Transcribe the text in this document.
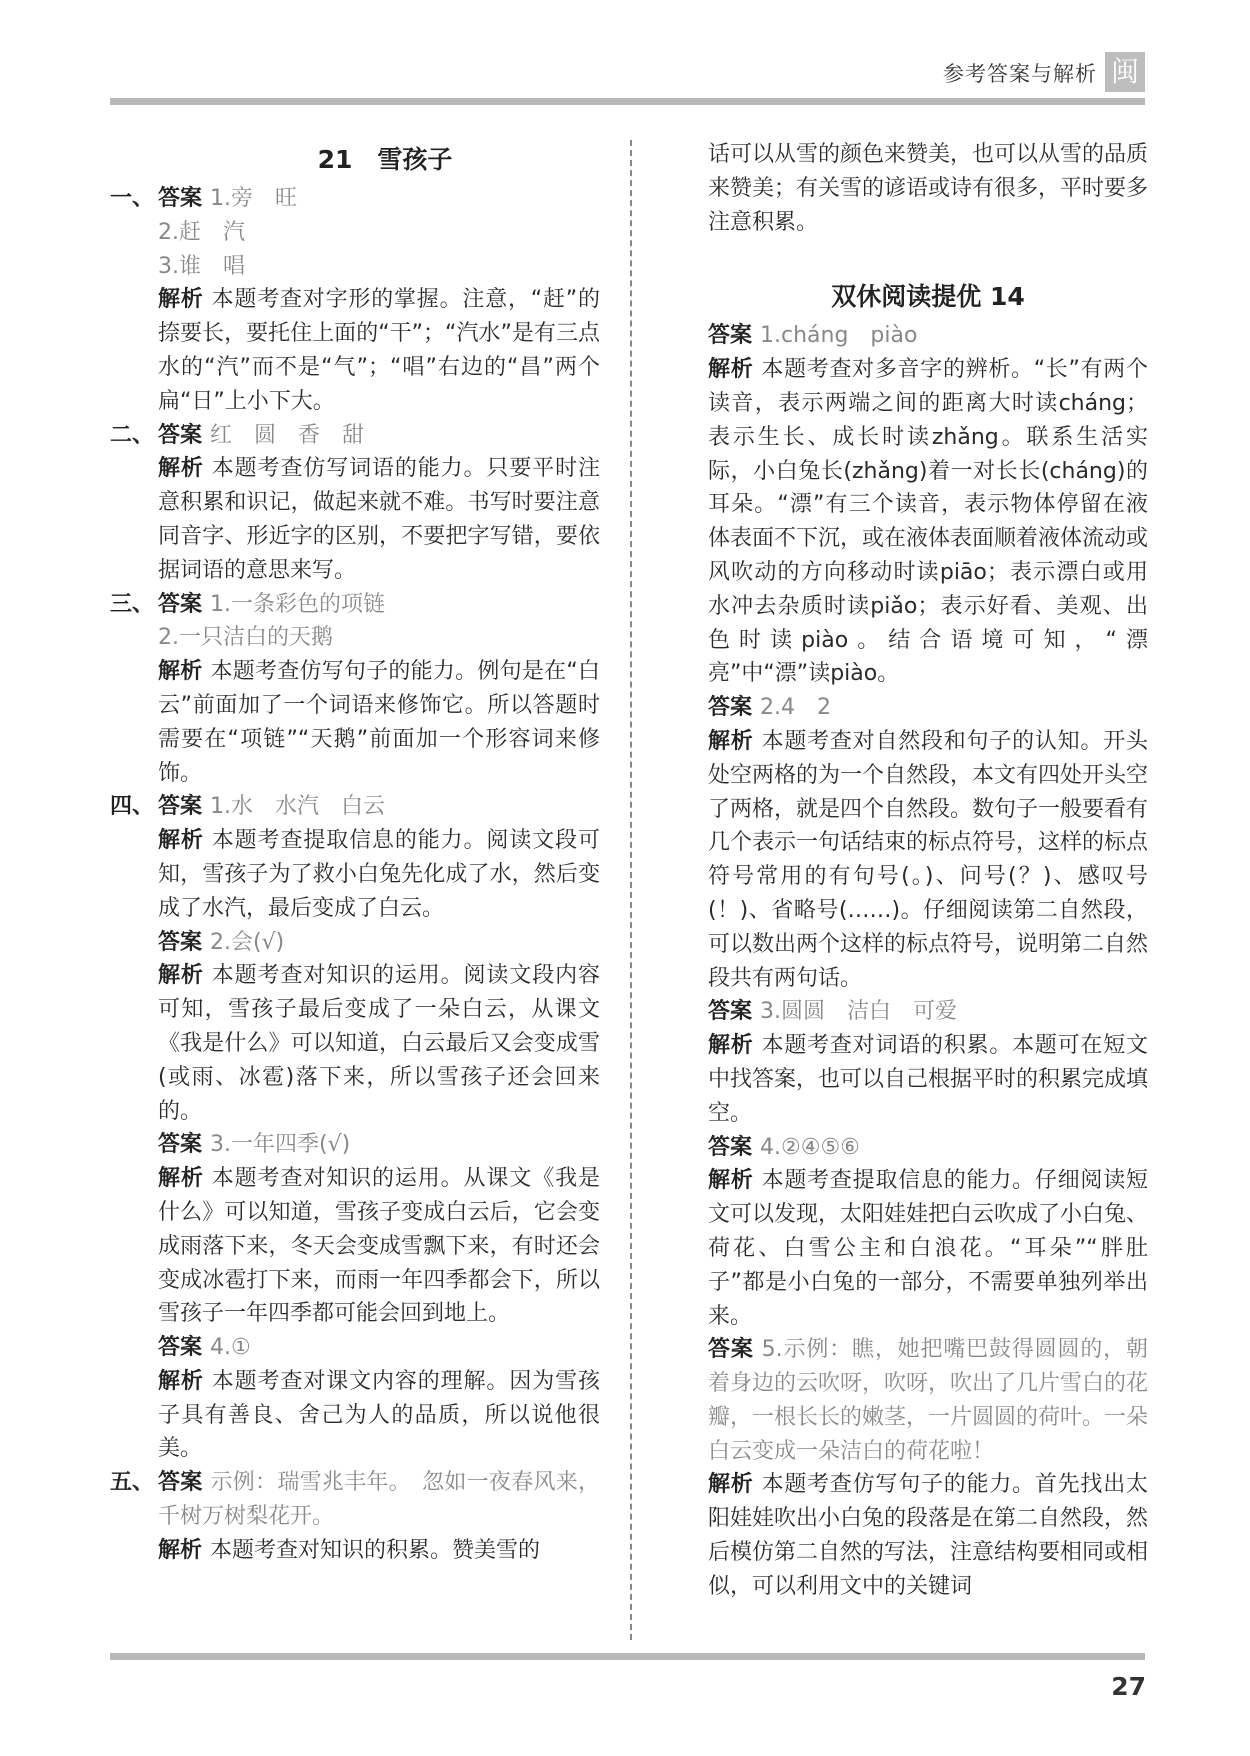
参考答案与解析 闽
21　雪孩子
一、 答案 1.旁　旺
2.赶　汽
3.谁　唱
解析 本题考查对字形的掌握。注意，“赶”的捺要长，要托住上面的“干”；“汽水”是有三点水的“汽”而不是“气”；“唱”右边的“昌”两个扁“日”上小下大。
二、 答案 红　圆　香　甜
解析 本题考查仿写词语的能力。只要平时注意积累和识记，做起来就不难。书写时要注意同音字、形近字的区别，不要把字写错，要依据词语的意思来写。
三、 答案 1.一条彩色的项链
2.一只洁白的天鹅
解析 本题考查仿写句子的能力。例句是在“白云”前面加了一个词语来修饰它。所以答题时需要在“项链”“天鹅”前面加一个形容词来修饰。
四、 答案 1.水　水汽　白云
解析 本题考查提取信息的能力。阅读文段可知，雪孩子为了救小白兔先化成了水，然后变成了水汽，最后变成了白云。
答案 2.会(√)
解析 本题考查对知识的运用。阅读文段内容可知，雪孩子最后变成了一朵白云，从课文《我是什么》可以知道，白云最后又会变成雪(或雨、冰雹)落下来，所以雪孩子还会回来的。
答案 3.一年四季(√)
解析 本题考查对知识的运用。从课文《我是什么》可以知道，雪孩子变成白云后，它会变成雨落下来，冬天会变成雪飘下来，有时还会变成冰雹打下来，而雨一年四季都会下，所以雪孩子一年四季都可能会回到地上。
答案 4.①
解析 本题考查对课文内容的理解。因为雪孩子具有善良、舍己为人的品质，所以说他很美。
五、 答案 示例：瑞雪兆丰年。　忽如一夜春风来，千树万树梨花开。
解析 本题考查对知识的积累。赞美雪的
话可以从雪的颜色来赞美，也可以从雪的品质来赞美；有关雪的谚语或诗有很多，平时要多注意积累。
双休阅读提优 14
答案 1.cháng　piào
解析 本题考查对多音字的辨析。“长”有两个读音，表示两端之间的距离大时读cháng；表示生长、成长时读zhǎng。联系生活实际，小白兔长(zhǎng)着一对长长(cháng)的耳朵。“漂”有三个读音，表示物体停留在液体表面不下沉，或在液体表面顺着液体流动或风吹动的方向移动时读piāo；表示漂白或用水冲去杂质时读piǎo；表示好看、美观、出色时读piào。结合语境可知，“漂亮”中“漂”读piào。
答案 2.4　2
解析 本题考查对自然段和句子的认知。开头处空两格的为一个自然段，本文有四处开头空了两格，就是四个自然段。数句子一般要看有几个表示一句话结束的标点符号，这样的标点符号常用的有句号(。)、问号(？)、感叹号(！)、省略号(……)。仔细阅读第二自然段，可以数出两个这样的标点符号，说明第二自然段共有两句话。
答案 3.圆圆　洁白　可爱
解析 本题考查对词语的积累。本题可在短文中找答案，也可以自己根据平时的积累完成填空。
答案 4.②④⑤⑥
解析 本题考查提取信息的能力。仔细阅读短文可以发现，太阳娃娃把白云吹成了小白兔、荷花、白雪公主和白浪花。“耳朵”“胖肚子”都是小白兔的一部分，不需要单独列举出来。
答案 5.示例：瞧，她把嘴巴鼓得圆圆的，朝着身边的云吹呀，吹呀，吹出了几片雪白的花瓣，一根长长的嫩茎，一片圆圆的荷叶。一朵白云变成一朵洁白的荷花啦！
解析 本题考查仿写句子的能力。首先找出太阳娃娃吹出小白兔的段落是在第二自然段，然后模仿第二自然的写法，注意结构要相同或相似，可以利用文中的关键词
27
